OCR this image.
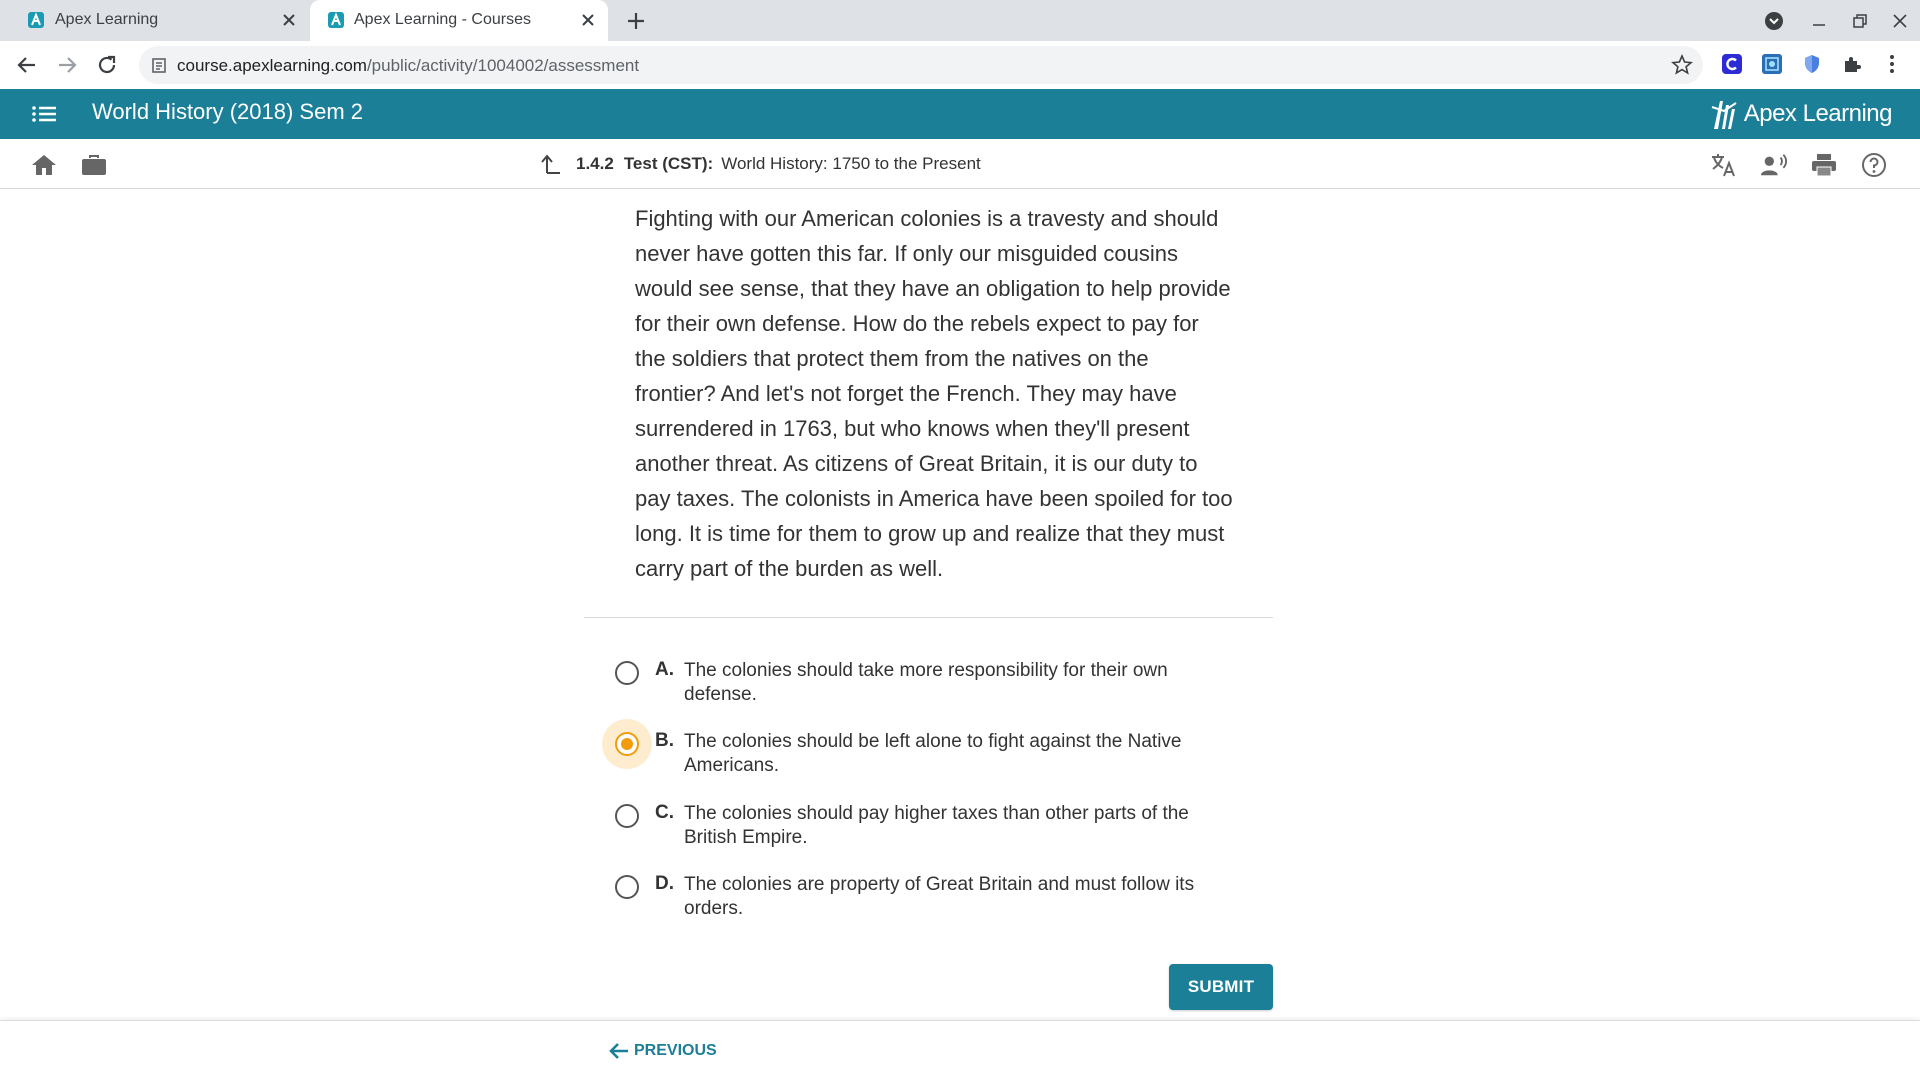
Apex Learning	Apex Learning - Courses
course.apexlearning.com/public/activity/1004002/assessment
World History (2018) Sem 2	Apex Learning
1.4.2 Test (CST): World History: 1750 to the Present
Fighting with our American colonies is a travesty and should never have gotten this far. If only our misguided cousins would see sense, that they have an obligation to help provide for their own defense. How do the rebels expect to pay for the soldiers that protect them from the natives on the frontier? And let's not forget the French. They may have surrendered in 1763, but who knows when they'll present another threat. As citizens of Great Britain, it is our duty to pay taxes. The colonists in America have been spoiled for too long. It is time for them to grow up and realize that they must carry part of the burden as well.
A. The colonies should take more responsibility for their own defense.
B. The colonies should be left alone to fight against the Native Americans.
C. The colonies should pay higher taxes than other parts of the British Empire.
D. The colonies are property of Great Britain and must follow its orders.
SUBMIT
PREVIOUS
